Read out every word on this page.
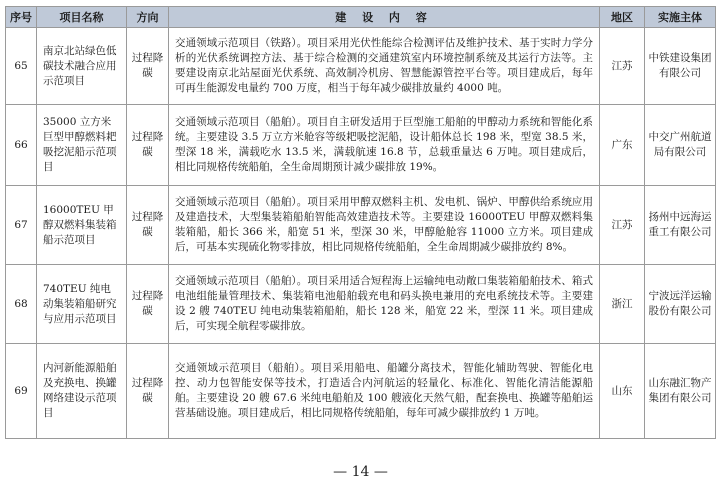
序号	项目名称	方向	建 设 内 容	地区	实施主体
65	南京北站绿色低碳技术融合应用示范项目	过程降碳	交通领域示范项目（铁路）。项目采用光伏性能综合检测评估及维护技术、基于实时力学分析的光伏系统调控方法、基于综合检测的交通建筑室内环境控制系统及其运行方法等。主要建设南京北站屋面光伏系统、高效制冷机房、智慧能源管控平台等。项目建成后，每年可再生能源发电量约 700 万度，相当于每年减少碳排放量约 4000 吨。	江苏	中铁建设集团有限公司
66	35000 立方米巨型甲醇燃料耙吸挖泥船示范项目	过程降碳	交通领域示范项目（船舶）。项目自主研发适用于巨型施工船舶的甲醇动力系统和智能化系统。主要建设 3.5 万立方米舱容等级耙吸挖泥船，设计船体总长 198 米，型宽 38.5 米，型深 18 米，满载吃水 13.5 米，满载航速 16.8 节，总载重量达 6 万吨。项目建成后，相比同规格传统船舶，全生命周期预计减少碳排放 19%。	广东	中交广州航道局有限公司
67	16000TEU 甲醇双燃料集装箱船示范项目	过程降碳	交通领域示范项目（船舶）。项目采用甲醇双燃料主机、发电机、锅炉、甲醇供给系统应用及建造技术，大型集装箱船舶智能高效建造技术等。主要建设 16000TEU 甲醇双燃料集装箱船，船长 366 米，船宽 51 米，型深 30 米，甲醇舱舱容 11000 立方米。项目建成后，可基本实现硫化物零排放，相比同规格传统船舶，全生命周期减少碳排放约 8%。	江苏	扬州中远海运重工有限公司
68	740TEU 纯电动集装箱船研究与应用示范项目	过程降碳	交通领域示范项目（船舶）。项目采用适合短程海上运输纯电动敞口集装箱船舶技术、箱式电池组能量管理技术、集装箱电池船舶载充电和码头换电兼用的充电系统技术等。主要建设 2 艘 740TEU 纯电动集装箱船舶，船长 128 米，船宽 22 米，型深 11 米。项目建成后，可实现全航程零碳排放。	浙江	宁波远洋运输股份有限公司
69	内河新能源船舶及充换电、换罐网络建设示范项目	过程降碳	交通领域示范项目（船舶）。项目采用船电、船罐分离技术，智能化辅助驾驶、智能化电控、动力包智能安保等技术，打造适合内河航运的轻量化、标准化、智能化清洁能源船舶。主要建设 20 艘 67.6 米纯电船舶及 100 艘液化天然气船，配套换电、换罐等船舶运营基础设施。项目建成后，相比同规格传统船舶，每年可减少碳排放约 1 万吨。	山东	山东融汇物产集团有限公司
— 14 —
